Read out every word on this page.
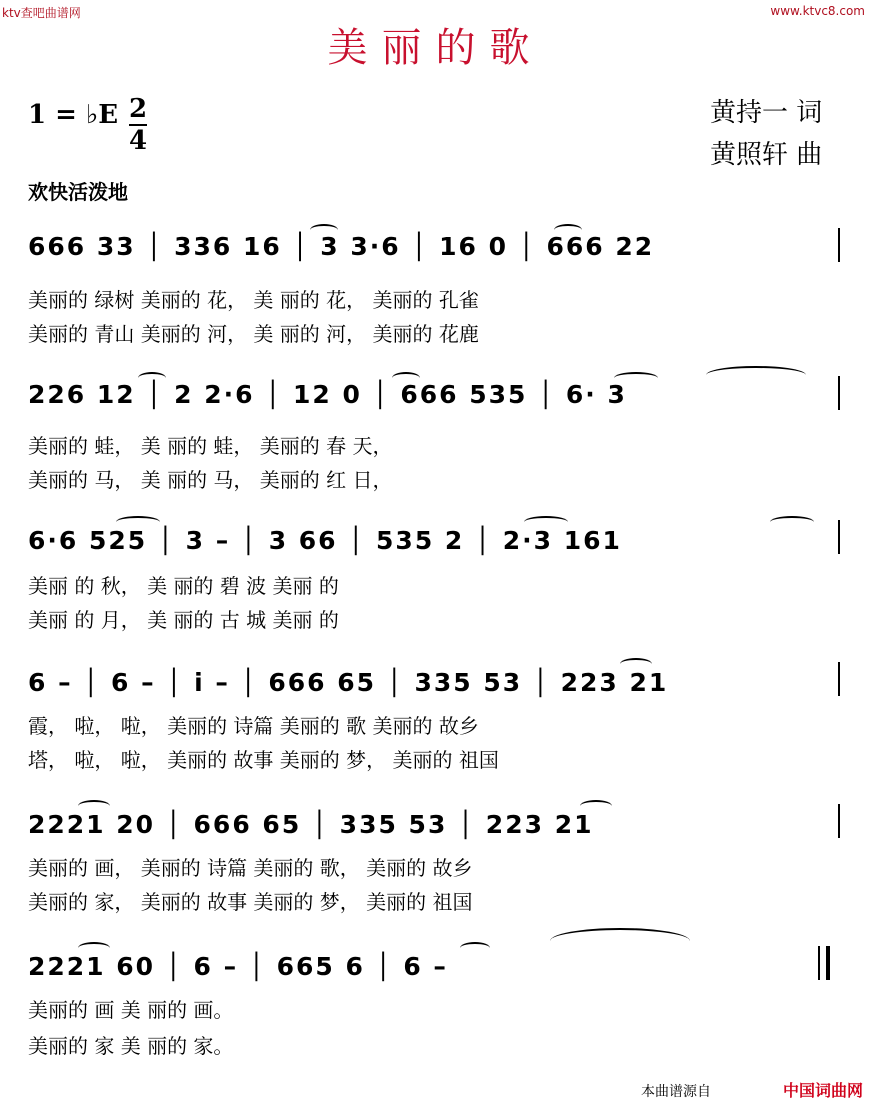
ktv查吧曲谱网	www.ktvc8.com
美丽的歌
1 = ♭E 2
4
黄持一 词
黄照轩 曲
欢快活泼地
666 33 │ 336 16 │ 3 3·6 │ 16 0 │ 666 22
美丽的 绿树 美丽的 花， 美 丽的 花， 美丽的 孔雀
美丽的 青山 美丽的 河， 美 丽的 河， 美丽的 花鹿
226 12 │ 2 2·6 │ 12 0 │ 666 535 │ 6· 3
美丽的 蛙， 美 丽的 蛙， 美丽的 春 天，
美丽的 马， 美 丽的 马， 美丽的 红 日，
6·6 525 │ 3 – │ 3 66 │ 535 2 │ 2·3 161
美丽 的 秋， 美 丽的 碧 波 美丽 的
美丽 的 月， 美 丽的 古 城 美丽 的
6 – │ 6 – │ i – │ 666 65 │ 335 53 │ 223 21
霞， 啦， 啦， 美丽的 诗篇 美丽的 歌 美丽的 故乡
塔， 啦， 啦， 美丽的 故事 美丽的 梦， 美丽的 祖国
2221 20 │ 666 65 │ 335 53 │ 223 21
美丽的 画， 美丽的 诗篇 美丽的 歌， 美丽的 故乡
美丽的 家， 美丽的 故事 美丽的 梦， 美丽的 祖国
2221 60 │ 6 – │ 665 6 │ 6 –
美丽的 画 美 丽的 画。
美丽的 家 美 丽的 家。
本曲谱源自	中国词曲网
